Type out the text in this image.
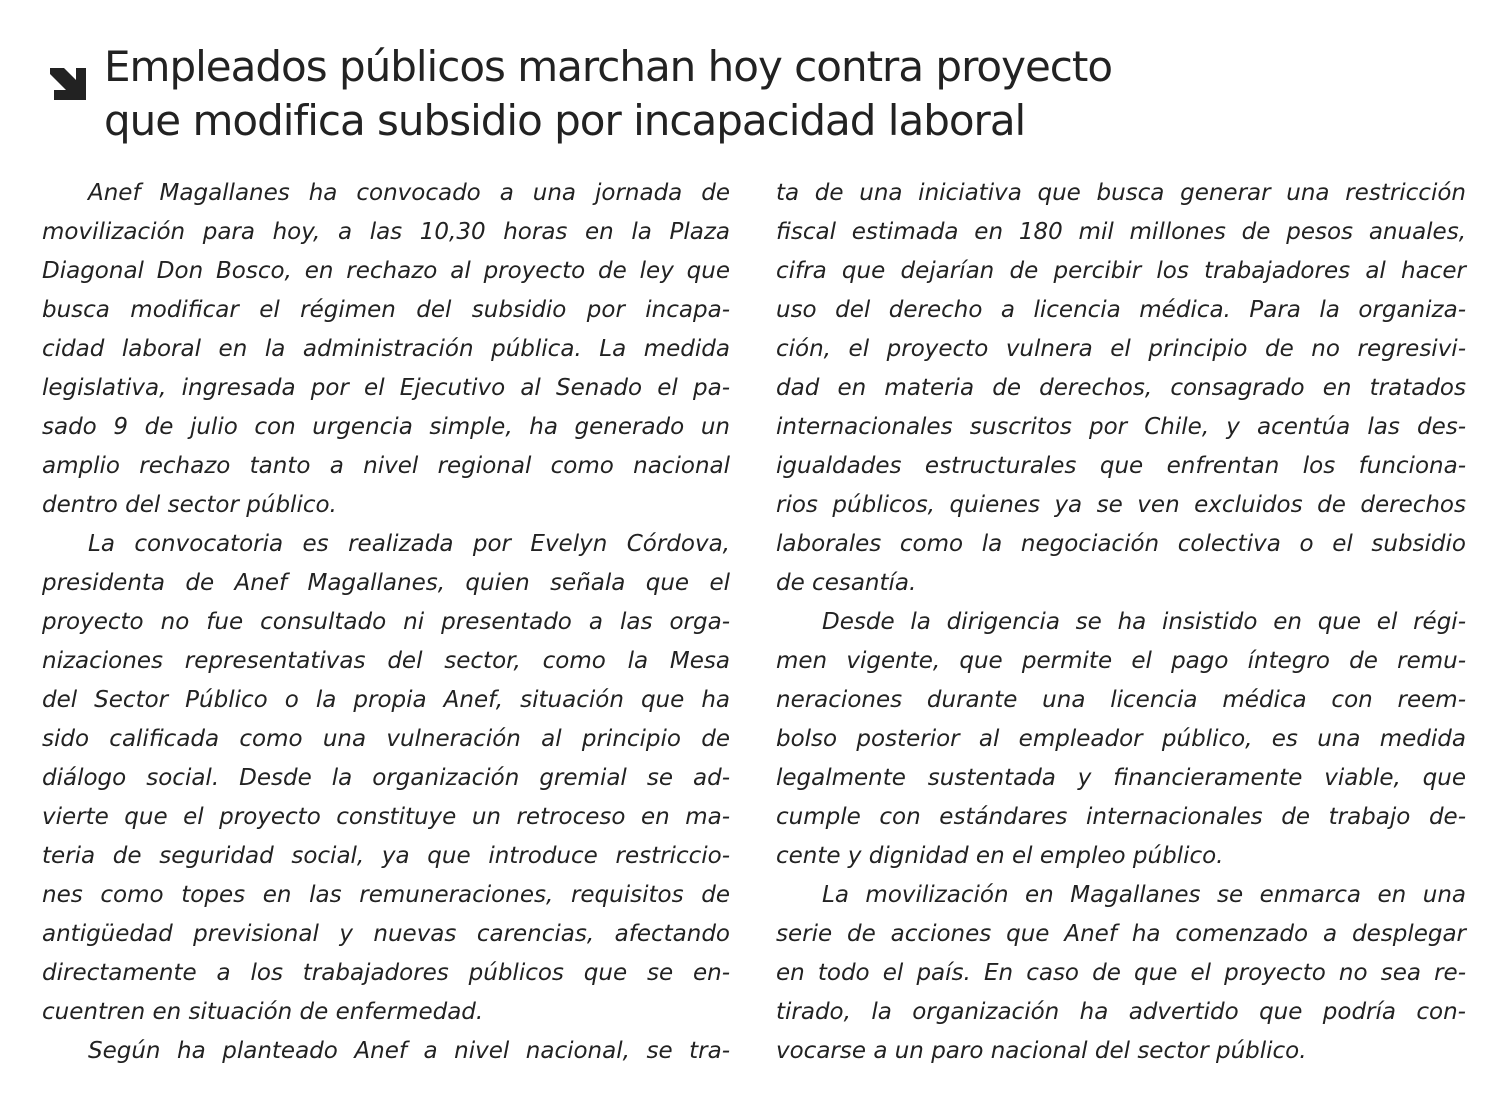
Empleados públicos marchan hoy contra proyecto
que modifica subsidio por incapacidad laboral
Anef Magallanes ha convocado a una jornada de
movilización para hoy, a las 10,30 horas en la Plaza
Diagonal Don Bosco, en rechazo al proyecto de ley que
busca modificar el régimen del subsidio por incapa-
cidad laboral en la administración pública. La medida
legislativa, ingresada por el Ejecutivo al Senado el pa-
sado 9 de julio con urgencia simple, ha generado un
amplio rechazo tanto a nivel regional como nacional
dentro del sector público.
La convocatoria es realizada por Evelyn Córdova,
presidenta de Anef Magallanes, quien señala que el
proyecto no fue consultado ni presentado a las orga-
nizaciones representativas del sector, como la Mesa
del Sector Público o la propia Anef, situación que ha
sido calificada como una vulneración al principio de
diálogo social. Desde la organización gremial se ad-
vierte que el proyecto constituye un retroceso en ma-
teria de seguridad social, ya que introduce restriccio-
nes como topes en las remuneraciones, requisitos de
antigüedad previsional y nuevas carencias, afectando
directamente a los trabajadores públicos que se en-
cuentren en situación de enfermedad.
Según ha planteado Anef a nivel nacional, se tra-
ta de una iniciativa que busca generar una restricción
fiscal estimada en 180 mil millones de pesos anuales,
cifra que dejarían de percibir los trabajadores al hacer
uso del derecho a licencia médica. Para la organiza-
ción, el proyecto vulnera el principio de no regresivi-
dad en materia de derechos, consagrado en tratados
internacionales suscritos por Chile, y acentúa las des-
igualdades estructurales que enfrentan los funciona-
rios públicos, quienes ya se ven excluidos de derechos
laborales como la negociación colectiva o el subsidio
de cesantía.
Desde la dirigencia se ha insistido en que el régi-
men vigente, que permite el pago íntegro de remu-
neraciones durante una licencia médica con reem-
bolso posterior al empleador público, es una medida
legalmente sustentada y financieramente viable, que
cumple con estándares internacionales de trabajo de-
cente y dignidad en el empleo público.
La movilización en Magallanes se enmarca en una
serie de acciones que Anef ha comenzado a desplegar
en todo el país. En caso de que el proyecto no sea re-
tirado, la organización ha advertido que podría con-
vocarse a un paro nacional del sector público.
